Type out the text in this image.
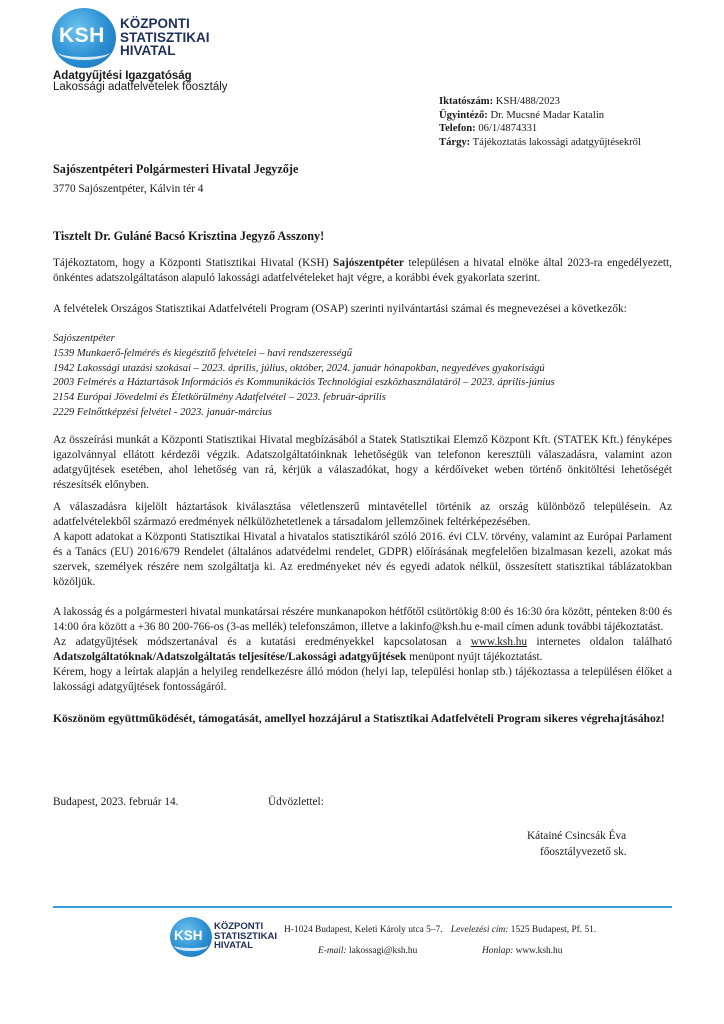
KSH
KÖZPONTI
STATISZTIKAI
HIVATAL
Adatgyűjtési Igazgatóság
Lakossági adatfelvételek főosztály
Iktatószám: KSH/488/2023
Ügyintéző: Dr. Mucsné Madar Katalin
Telefon: 06/1/4874331
Tárgy: Tájékoztatás lakossági adatgyűjtésekről
Sajószentpéteri Polgármesteri Hivatal Jegyzője
3770 Sajószentpéter, Kálvin tér 4
Tisztelt Dr. Guláné Bacsó Krisztina Jegyző Asszony!

Tájékoztatom, hogy a Központi Statisztikai Hivatal (KSH) Sajószentpéter településen a hivatal elnöke által 2023-ra engedélyezett, önkéntes adatszolgáltatáson alapuló lakossági adatfelvételeket hajt végre, a korábbi évek gyakorlata szerint.

A felvételek Országos Statisztikai Adatfelvételi Program (OSAP) szerinti nyilvántartási számai és megnevezései a következők:

Sajószentpéter
1539 Munkaerő-felmérés és kiegészítő felvételei – havi rendszerességű
1942 Lakossági utazási szokásai – 2023. április, július, október, 2024. január hónapokban, negyedéves gyakoriságú
2003 Felmérés a Háztartások Információs és Kommunikációs Technológiai eszközhasználatáról – 2023. április-június
2154 Európai Jövedelmi és Életkörülmény Adatfelvétel – 2023. február-április
2229 Felnőttképzési felvétel - 2023. január-március

Az összeírási munkát a Központi Statisztikai Hivatal megbízásából a Statek Statisztikai Elemző Központ Kft. (STATEK Kft.) fényképes igazolvánnyal ellátott kérdezői végzik. Adatszolgáltatóinknak lehetőségük van telefonon keresztüli válaszadásra, valamint azon adatgyűjtések esetében, ahol lehetőség van rá, kérjük a válaszadókat, hogy a kérdőíveket weben történő önkitöltési lehetőségét részesítsék előnyben.

A válaszadásra kijelölt háztartások kiválasztása véletlenszerű mintavétellel történik az ország különböző településein. Az adatfelvételekből származó eredmények nélkülözhetetlenek a társadalom jellemzőinek feltérképezésében.

A kapott adatokat a Központi Statisztikai Hivatal a hivatalos statisztikáról szóló 2016. évi CLV. törvény, valamint az Európai Parlament és a Tanács (EU) 2016/679 Rendelet (általános adatvédelmi rendelet, GDPR) előírásának megfelelően bizalmasan kezeli, azokat más szervek, személyek részére nem szolgáltatja ki. Az eredményeket név és egyedi adatok nélkül, összesített statisztikai táblázatokban közöljük.

A lakosság és a polgármesteri hivatal munkatársai részére munkanapokon hétfőtől csütörtökig 8:00 és 16:30 óra között, pénteken 8:00 és 14:00 óra között a +36 80 200-766-os (3-as mellék) telefonszámon, illetve a lakinfo@ksh.hu e-mail címen adunk további tájékoztatást.

Az adatgyűjtések módszertanával és a kutatási eredményekkel kapcsolatosan a www.ksh.hu internetes oldalon található Adatszolgáltatóknak/Adatszolgáltatás teljesítése/Lakossági adatgyűjtések menüpont nyújt tájékoztatást.

Kérem, hogy a leírtak alapján a helyileg rendelkezésre álló módon (helyi lap, települési honlap stb.) tájékoztassa a településen élőket a lakossági adatgyűjtések fontosságáról.

Köszönöm együttműködését, támogatását, amellyel hozzájárul a Statisztikai Adatfelvételi Program sikeres végrehajtásához!

Budapest, 2023. február 14.	Üdvözlettel:
Kátainé Csincsák Éva
főosztályvezető sk.
KSH
KÖZPONTI
STATISZTIKAI
HIVATAL
H-1024 Budapest, Keleti Károly utca 5–7. Levelezési cím: 1525 Budapest, Pf. 51.
E-mail: lakossagi@ksh.hu	Honlap: www.ksh.hu
